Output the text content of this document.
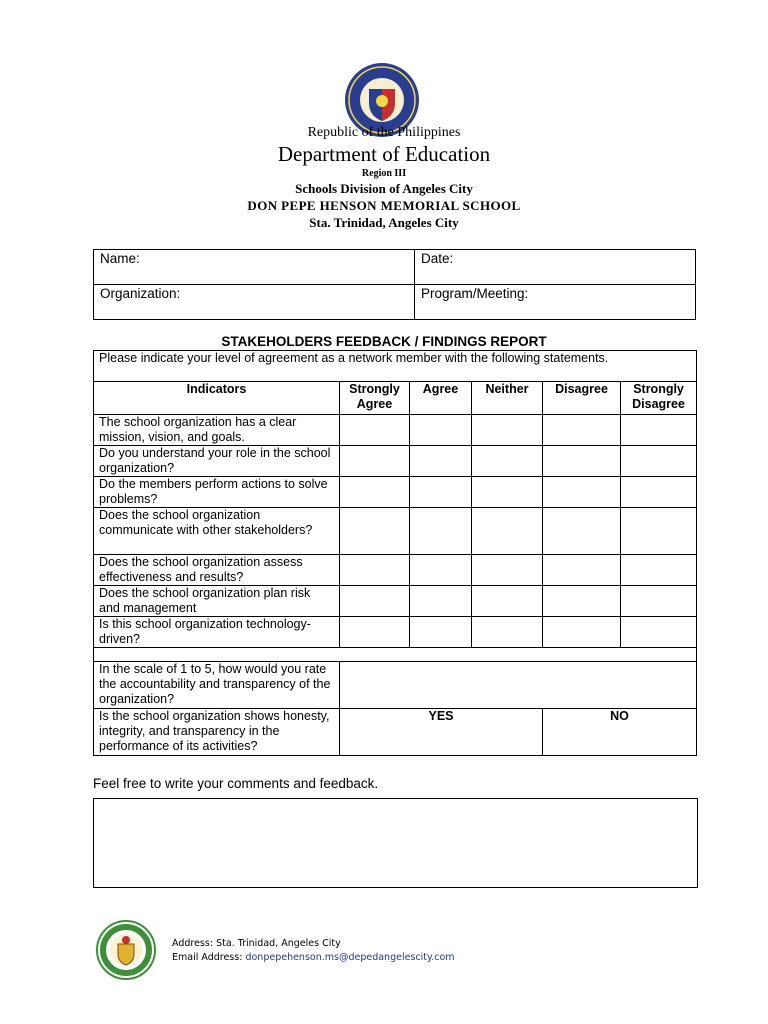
Republic of the Philippines
Department of Education
Region III
Schools Division of Angeles City
DON PEPE HENSON MEMORIAL SCHOOL
Sta. Trinidad, Angeles City
Name:	Date:
Organization:	Program/Meeting:
STAKEHOLDERS FEEDBACK / FINDINGS REPORT
Please indicate your level of agreement as a network member with the following statements.					
Indicators	Strongly Agree	Agree	Neither	Disagree	Strongly Disagree
The school organization has a clear mission, vision, and goals.					
Do you understand your role in the school organization?					
Do the members perform actions to solve problems?					
Does the school organization communicate with other stakeholders?					
Does the school organization assess effectiveness and results?					
Does the school organization plan risk and management					
Is this school organization technology-driven?					

In the scale of 1 to 5, how would you rate the accountability and transparency of the organization?					
Is the school organization shows honesty, integrity, and transparency in the performance of its activities?	YES			NO	
Feel free to write your comments and feedback.
Address: Sta. Trinidad, Angeles City
Email Address: donpepehenson.ms@depedangelescity.com
